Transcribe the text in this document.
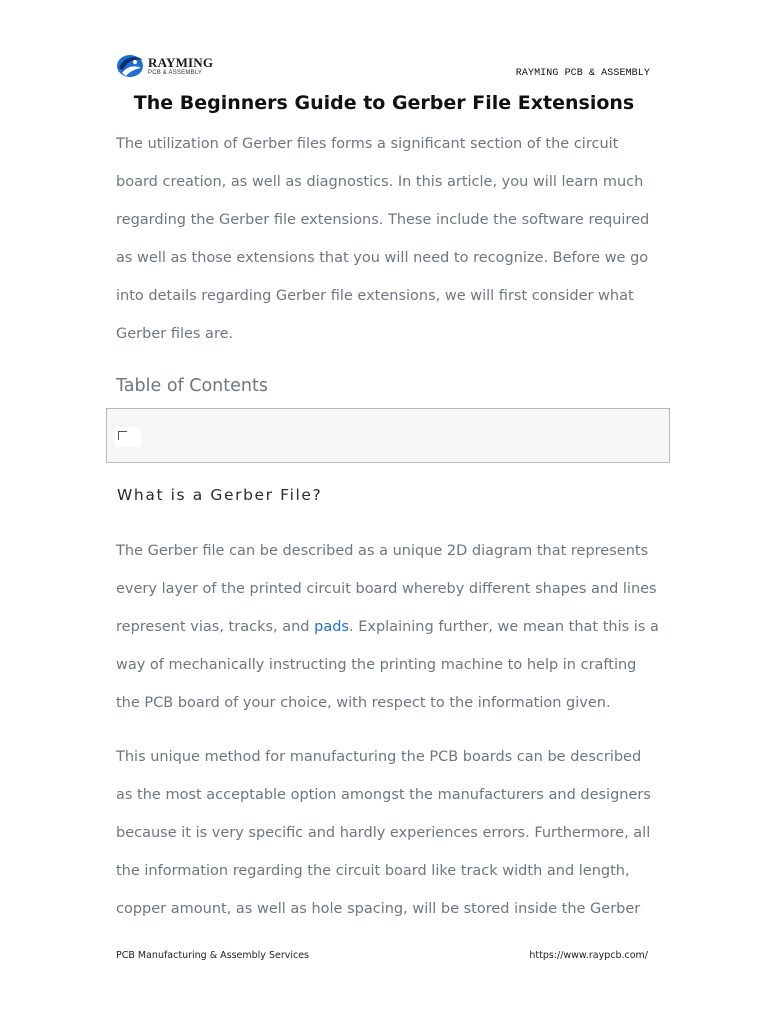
RAYMING
PCB & ASSEMBLY	RAYMING PCB & ASSEMBLY
The Beginners Guide to Gerber File Extensions

The utilization of Gerber files forms a significant section of the circuit board creation, as well as diagnostics. In this article, you will learn much regarding the Gerber file extensions. These include the software required as well as those extensions that you will need to recognize. Before we go into details regarding Gerber file extensions, we will first consider what Gerber files are.

Table of Contents
What is a Gerber File?

The Gerber file can be described as a unique 2D diagram that represents every layer of the printed circuit board whereby different shapes and lines represent vias, tracks, and pads. Explaining further, we mean that this is a way of mechanically instructing the printing machine to help in crafting the PCB board of your choice, with respect to the information given.

This unique method for manufacturing the PCB boards can be described as the most acceptable option amongst the manufacturers and designers because it is very specific and hardly experiences errors. Furthermore, all the information regarding the circuit board like track width and length, copper amount, as well as hole spacing, will be stored inside the Gerber

PCB Manufacturing & Assembly Services	https://www.raypcb.com/
